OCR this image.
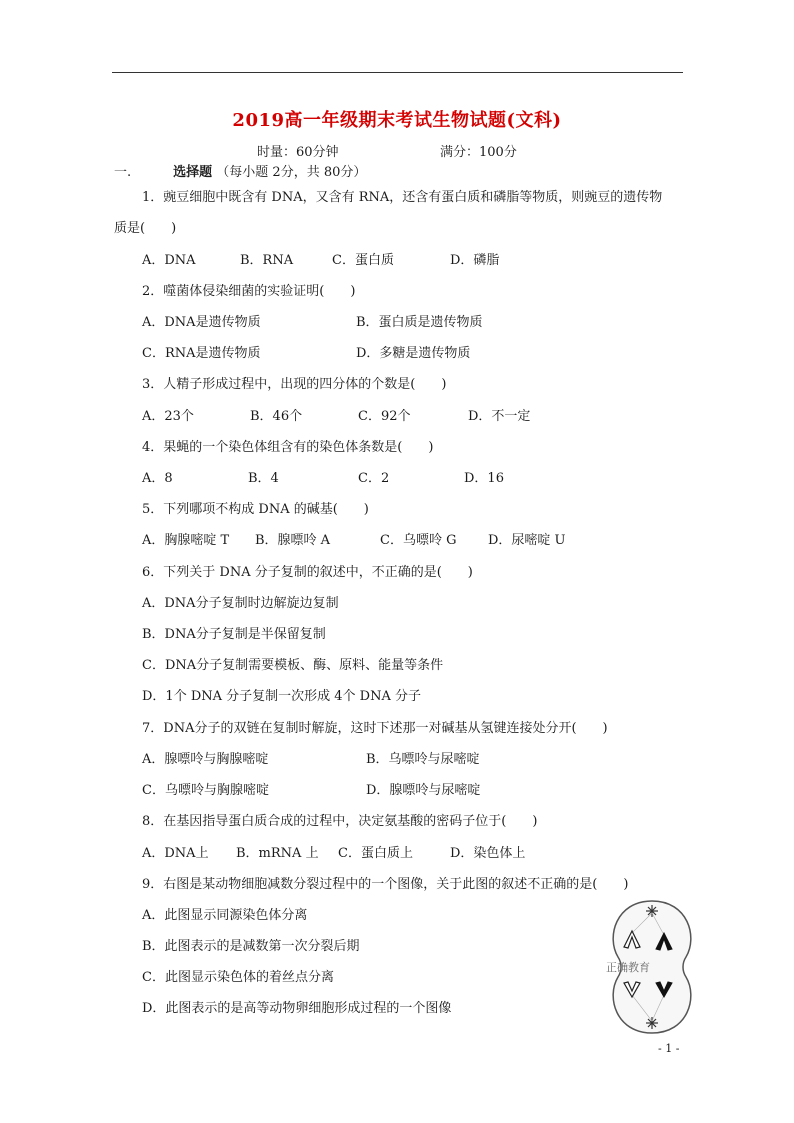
2019高一年级期末考试生物试题(文科)
时量：60分钟	满分：100分
一.	选择题 （每小题 2分，共 80分）
1．豌豆细胞中既含有 DNA，又含有 RNA，还含有蛋白质和磷脂等物质，则豌豆的遗传物
质是(　　)
A．DNA	B．RNA	C．蛋白质	D．磷脂
2．噬菌体侵染细菌的实验证明(　　)
A．DNA是遗传物质	B．蛋白质是遗传物质
C．RNA是遗传物质	D．多糖是遗传物质
3．人精子形成过程中，出现的四分体的个数是(　　)
A．23个	B．46个	C．92个	D．不一定
4．果蝇的一个染色体组含有的染色体条数是(　　)
A．8	B．4	C．2	D．16
5．下列哪项不构成 DNA 的碱基(　　)
A．胸腺嘧啶 T B．腺嘌呤 A	C．乌嘌呤 G D．尿嘧啶 U
6．下列关于 DNA 分子复制的叙述中，不正确的是(　　)
A．DNA分子复制时边解旋边复制
B．DNA分子复制是半保留复制
C．DNA分子复制需要模板、酶、原料、能量等条件
D．1个 DNA 分子复制一次形成 4个 DNA 分子
7．DNA分子的双链在复制时解旋，这时下述那一对碱基从氢键连接处分开(　　)
A．腺嘌呤与胸腺嘧啶	B．乌嘌呤与尿嘧啶
C．乌嘌呤与胸腺嘧啶	D．腺嘌呤与尿嘧啶
8．在基因指导蛋白质合成的过程中，决定氨基酸的密码子位于(　　)
A．DNA上 B．mRNA 上 C．蛋白质上	D．染色体上
9．右图是某动物细胞减数分裂过程中的一个图像，关于此图的叙述不正确的是(　　)
A．此图显示同源染色体分离
B．此图表示的是减数第一次分裂后期
C．此图显示染色体的着丝点分离
D．此图表示的是高等动物卵细胞形成过程的一个图像
正确教育
- 1 -
